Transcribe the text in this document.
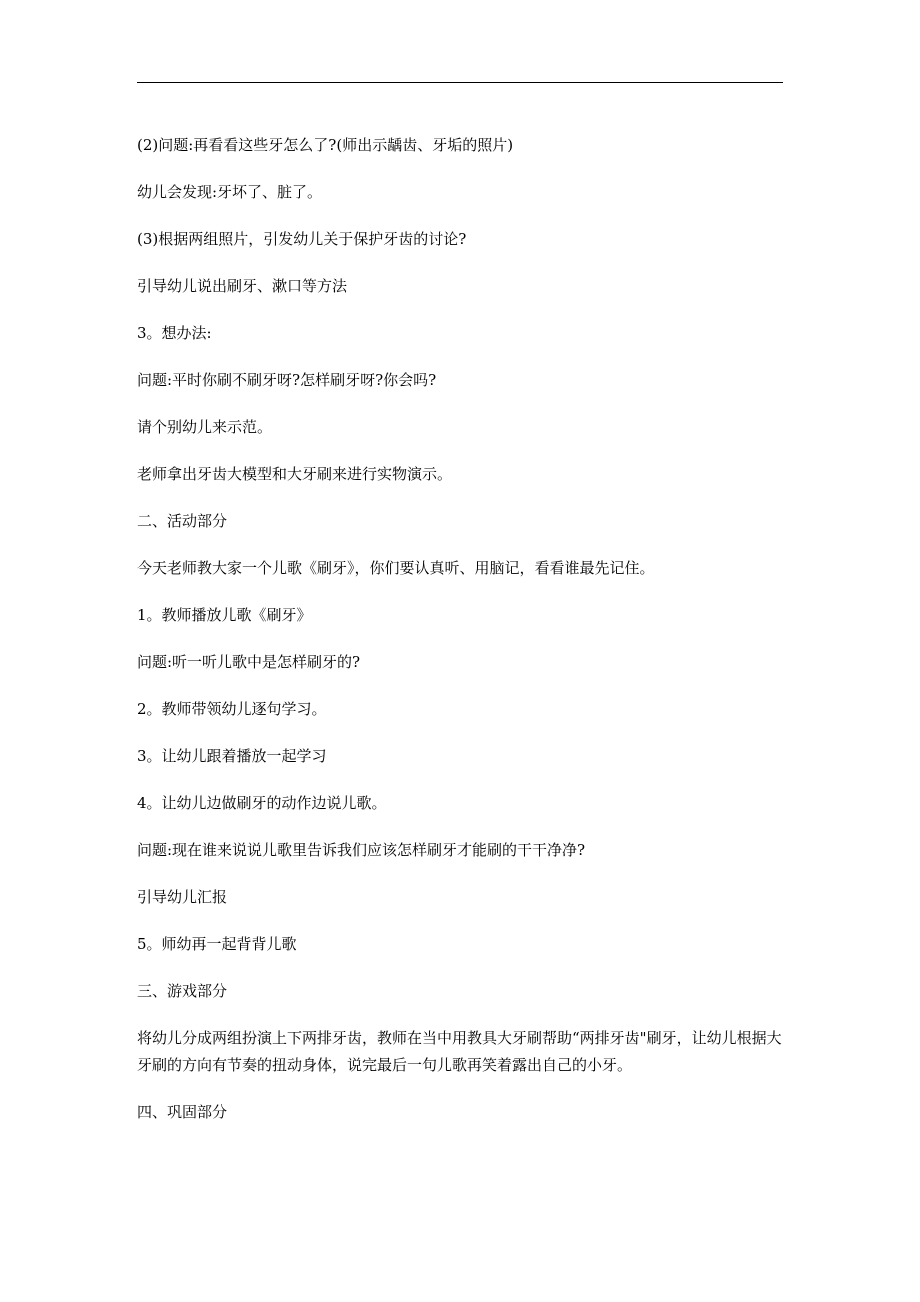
(2)问题:再看看这些牙怎么了?(师出示龋齿、牙垢的照片)

幼儿会发现:牙坏了、脏了。

(3)根据两组照片，引发幼儿关于保护牙齿的讨论?

引导幼儿说出刷牙、漱口等方法

3。想办法:

问题:平时你刷不刷牙呀?怎样刷牙呀?你会吗?

请个别幼儿来示范。

老师拿出牙齿大模型和大牙刷来进行实物演示。

二、活动部分

今天老师教大家一个儿歌《刷牙》，你们要认真听、用脑记，看看谁最先记住。

1。教师播放儿歌《刷牙》

问题:听一听儿歌中是怎样刷牙的?

2。教师带领幼儿逐句学习。

3。让幼儿跟着播放一起学习

4。让幼儿边做刷牙的动作边说儿歌。

问题:现在谁来说说儿歌里告诉我们应该怎样刷牙才能刷的干干净净?

引导幼儿汇报

5。师幼再一起背背儿歌

三、游戏部分

将幼儿分成两组扮演上下两排牙齿，教师在当中用教具大牙刷帮助“两排牙齿"刷牙，让幼儿根据大牙刷的方向有节奏的扭动身体，说完最后一句儿歌再笑着露出自己的小牙。

四、巩固部分
